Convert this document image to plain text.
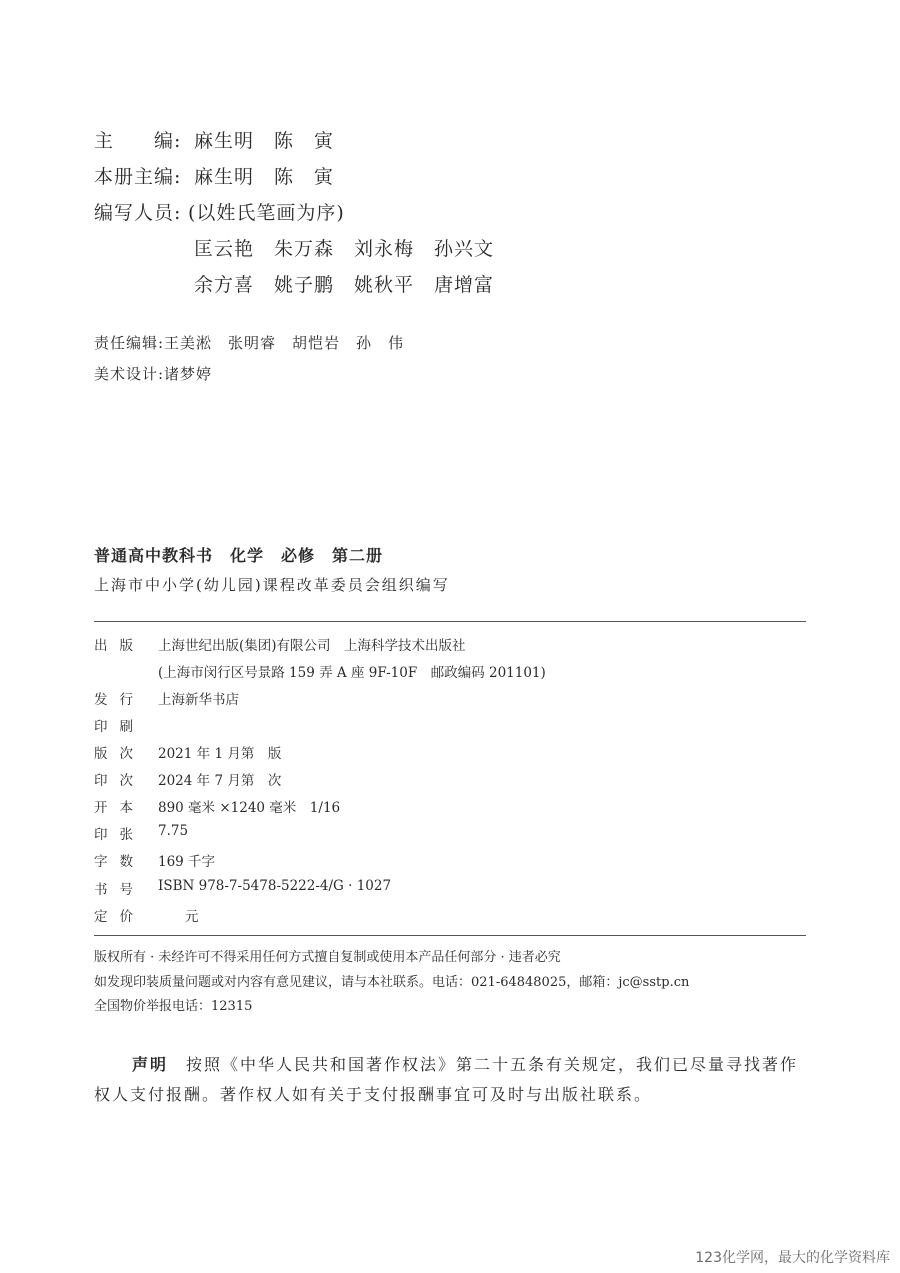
主　　编: 麻生明　陈　寅
本册主编: 麻生明　陈　寅
编写人员: (以姓氏笔画为序)
匡云艳　朱万森　刘永梅　孙兴文
余方喜　姚子鹏　姚秋平　唐增富
责任编辑:王美淞　张明睿　胡恺岩　孙　伟
美术设计:诸梦婷
普通高中教科书　化学　必修　第二册
上海市中小学(幼儿园)课程改革委员会组织编写
出版 上海世纪出版(集团)有限公司　上海科学技术出版社
(上海市闵行区号景路 159 弄 A 座 9F-10F　邮政编码 201101)
发行 上海新华书店
印刷
版次 2021 年 1 月第　版
印次 2024 年 7 月第　次
开本 890 毫米 ×1240 毫米　1/16
印张 7.75
字数 169 千字
书号 ISBN 978-7-5478-5222-4/G · 1027
定价 　　元
版权所有 · 未经许可不得采用任何方式擅自复制或使用本产品任何部分 · 违者必究
如发现印装质量问题或对内容有意见建议，请与本社联系。电话：021-64848025，邮箱：jc@sstp.cn
全国物价举报电话：12315
声明 按照《中华人民共和国著作权法》第二十五条有关规定，我们已尽量寻找著作
权人支付报酬。著作权人如有关于支付报酬事宜可及时与出版社联系。
123化学网，最大的化学资料库
